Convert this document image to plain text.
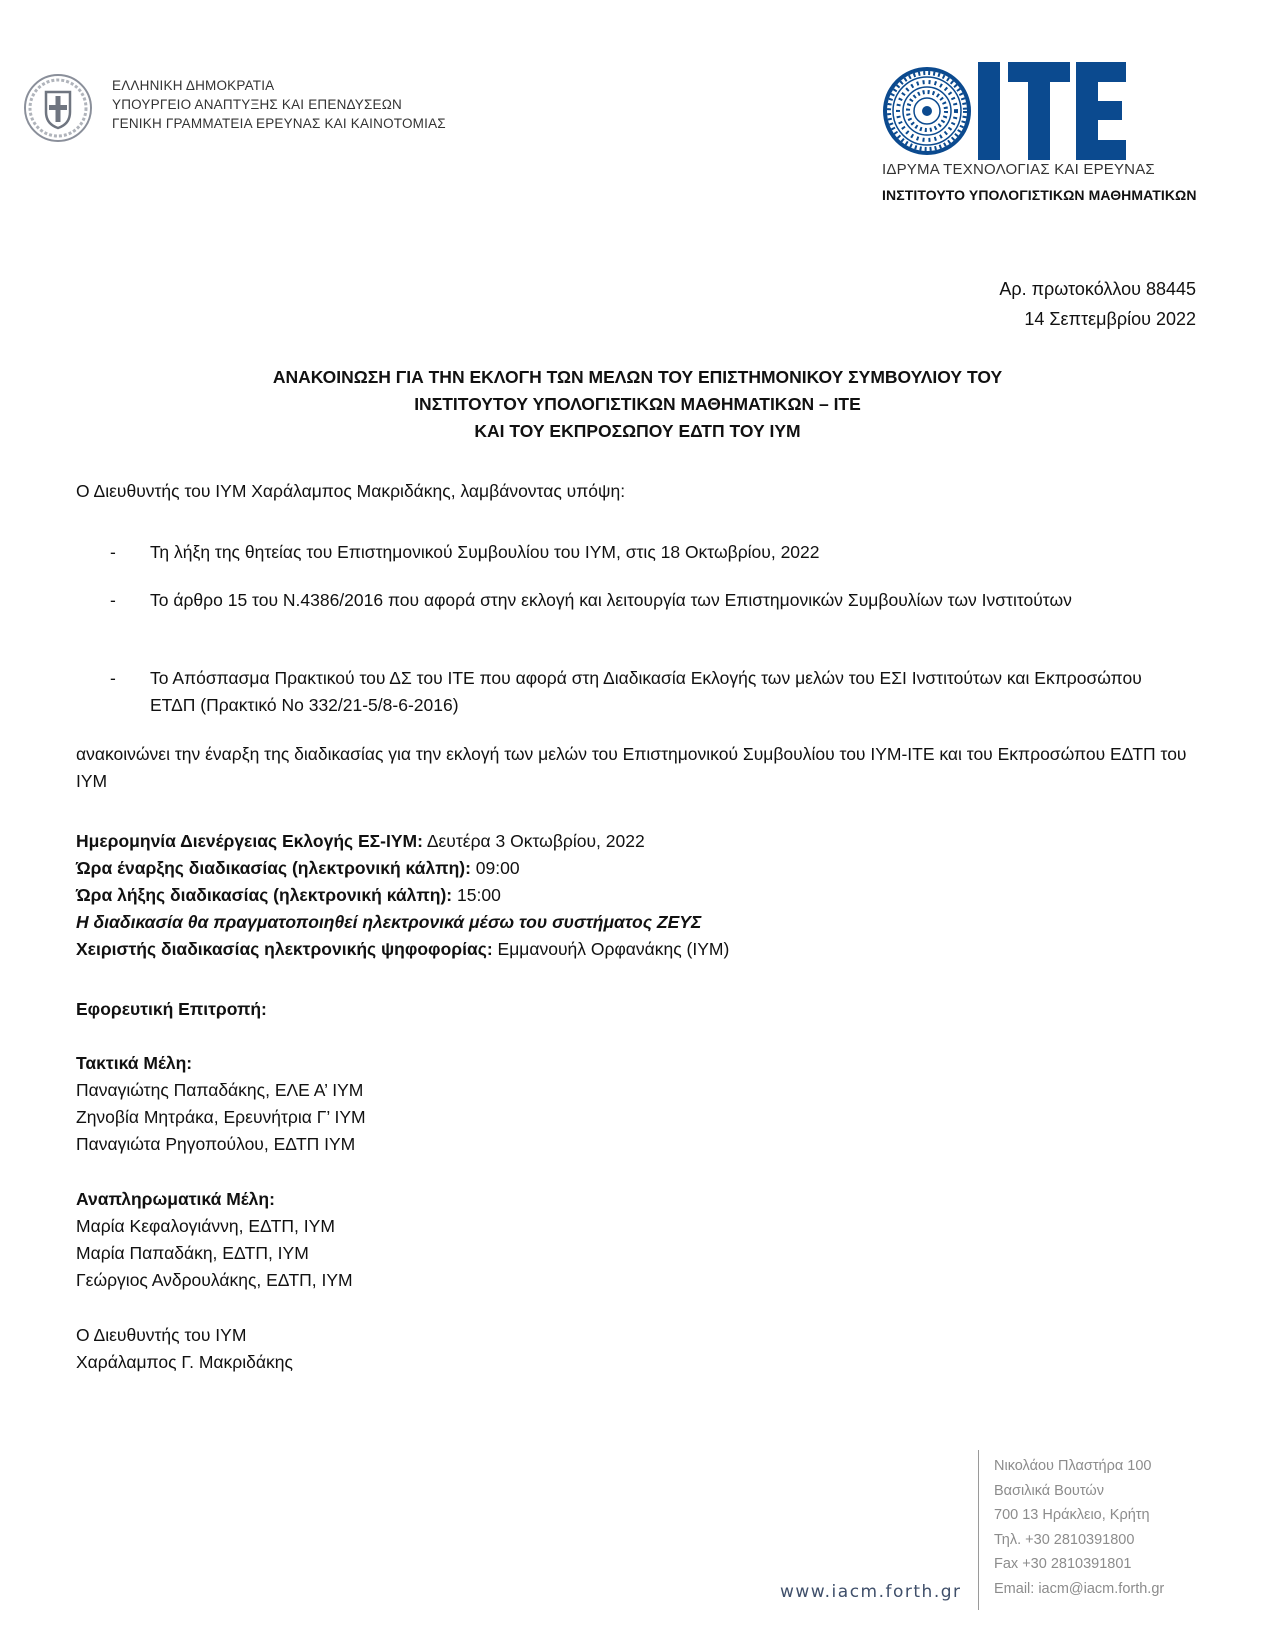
ΕΛΛΗΝΙΚΗ ΔΗΜΟΚΡΑΤΙΑ
ΥΠΟΥΡΓΕΙΟ ΑΝΑΠΤΥΞΗΣ ΚΑΙ ΕΠΕΝΔΥΣΕΩΝ
ΓΕΝΙΚΗ ΓΡΑΜΜΑΤΕΙΑ ΕΡΕΥΝΑΣ ΚΑΙ ΚΑΙΝΟΤΟΜΙΑΣ
ΙΔΡΥΜΑ ΤΕΧΝΟΛΟΓΙΑΣ ΚΑΙ ΕΡΕΥΝΑΣ
ΙΝΣΤΙΤΟΥΤΟ ΥΠΟΛΟΓΙΣΤΙΚΩΝ ΜΑΘΗΜΑΤΙΚΩΝ
Αρ. πρωτοκόλλου 88445
14 Σεπτεμβρίου 2022
ΑΝΑΚΟΙΝΩΣΗ ΓΙΑ ΤΗΝ ΕΚΛΟΓΗ ΤΩΝ ΜΕΛΩΝ ΤΟΥ ΕΠΙΣΤΗΜΟΝΙΚΟΥ ΣΥΜΒΟΥΛΙΟΥ ΤΟΥ
ΙΝΣΤΙΤΟΥΤΟΥ ΥΠΟΛΟΓΙΣΤΙΚΩΝ ΜΑΘΗΜΑΤΙΚΩΝ – ΙΤΕ
ΚΑΙ ΤΟΥ ΕΚΠΡΟΣΩΠΟΥ ΕΔΤΠ ΤΟΥ ΙΥΜ
Ο Διευθυντής του ΙΥΜ Χαράλαμπος Μακριδάκης, λαμβάνοντας υπόψη:
- Τη λήξη της θητείας του Επιστημονικού Συμβουλίου του ΙΥΜ, στις 18 Οκτωβρίου, 2022
- Το άρθρο 15 του Ν.4386/2016 που αφορά στην εκλογή και λειτουργία των Επιστημονικών Συμβουλίων των Ινστιτούτων
- Το Απόσπασμα Πρακτικού του ΔΣ του ΙΤΕ που αφορά στη Διαδικασία Εκλογής των μελών του ΕΣΙ Ινστιτούτων και Εκπροσώπου ΕΤΔΠ (Πρακτικό Νο 332/21-5/8-6-2016)
ανακοινώνει την έναρξη της διαδικασίας για την εκλογή των μελών του Επιστημονικού Συμβουλίου του ΙΥΜ-ΙΤΕ και του Εκπροσώπου ΕΔΤΠ του ΙΥΜ
Ημερομηνία Διενέργειας Εκλογής ΕΣ-ΙΥΜ: Δευτέρα 3 Οκτωβρίου, 2022
Ώρα έναρξης διαδικασίας (ηλεκτρονική κάλπη): 09:00
Ώρα λήξης διαδικασίας (ηλεκτρονική κάλπη): 15:00
Η διαδικασία θα πραγματοποιηθεί ηλεκτρονικά μέσω του συστήματος ΖΕΥΣ
Χειριστής διαδικασίας ηλεκτρονικής ψηφοφορίας: Εμμανουήλ Ορφανάκης (ΙΥΜ)
Εφορευτική Επιτροπή:
Τακτικά Μέλη:
Παναγιώτης Παπαδάκης, ΕΛΕ Α’ ΙΥΜ
Ζηνοβία Μητράκα, Ερευνήτρια Γ’ ΙΥΜ
Παναγιώτα Ρηγοπούλου, ΕΔΤΠ ΙΥΜ
Αναπληρωματικά Μέλη:
Μαρία Κεφαλογιάννη, ΕΔΤΠ, ΙΥΜ
Μαρία Παπαδάκη, ΕΔΤΠ, ΙΥΜ
Γεώργιος Ανδρουλάκης, ΕΔΤΠ, ΙΥΜ
Ο Διευθυντής του ΙΥΜ
Χαράλαμπος Γ. Μακριδάκης
www.iacm.forth.gr
Νικολάου Πλαστήρα 100
Βασιλικά Βουτών
700 13 Ηράκλειο, Κρήτη
Τηλ. +30 2810391800
Fax +30 2810391801
Email: iacm@iacm.forth.gr
